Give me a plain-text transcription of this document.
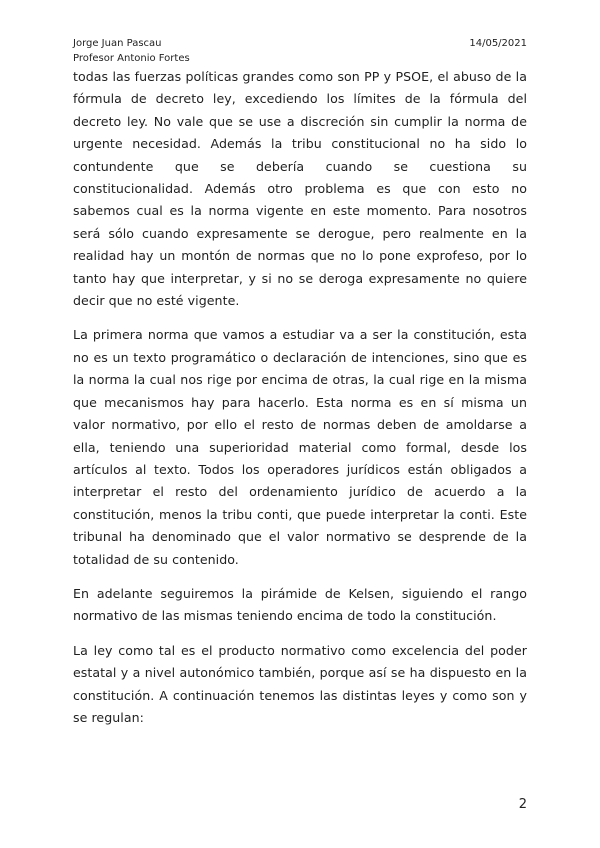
Jorge Juan Pascau
Profesor Antonio Fortes
14/05/2021

todas las fuerzas políticas grandes como son PP y PSOE, el abuso de la fórmula de decreto ley, excediendo los límites de la fórmula del decreto ley. No vale que se use a discreción sin cumplir la norma de urgente necesidad. Además la tribu constitucional no ha sido lo contundente que se debería cuando se cuestiona su constitucionalidad. Además otro problema es que con esto no sabemos cual es la norma vigente en este momento. Para nosotros será sólo cuando expresamente se derogue, pero realmente en la realidad hay un montón de normas que no lo pone exprofeso, por lo tanto hay que interpretar, y si no se deroga expresamente no quiere decir que no esté vigente.

La primera norma que vamos a estudiar va a ser la constitución, esta no es un texto programático o declaración de intenciones, sino que es la norma la cual nos rige por encima de otras, la cual rige en la misma que mecanismos hay para hacerlo. Esta norma es en sí misma un valor normativo, por ello el resto de normas deben de amoldarse a ella, teniendo una superioridad material como formal, desde los artículos al texto. Todos los operadores jurídicos están obligados a interpretar el resto del ordenamiento jurídico de acuerdo a la constitución, menos la tribu conti, que puede interpretar la conti. Este tribunal ha denominado que el valor normativo se desprende de la totalidad de su contenido.

En adelante seguiremos la pirámide de Kelsen, siguiendo el rango normativo de las mismas teniendo encima de todo la constitución.

La ley como tal es el producto normativo como excelencia del poder estatal y a nivel autonómico también, porque así se ha dispuesto en la constitución. A continuación tenemos las distintas leyes y como son y se regulan:

2
